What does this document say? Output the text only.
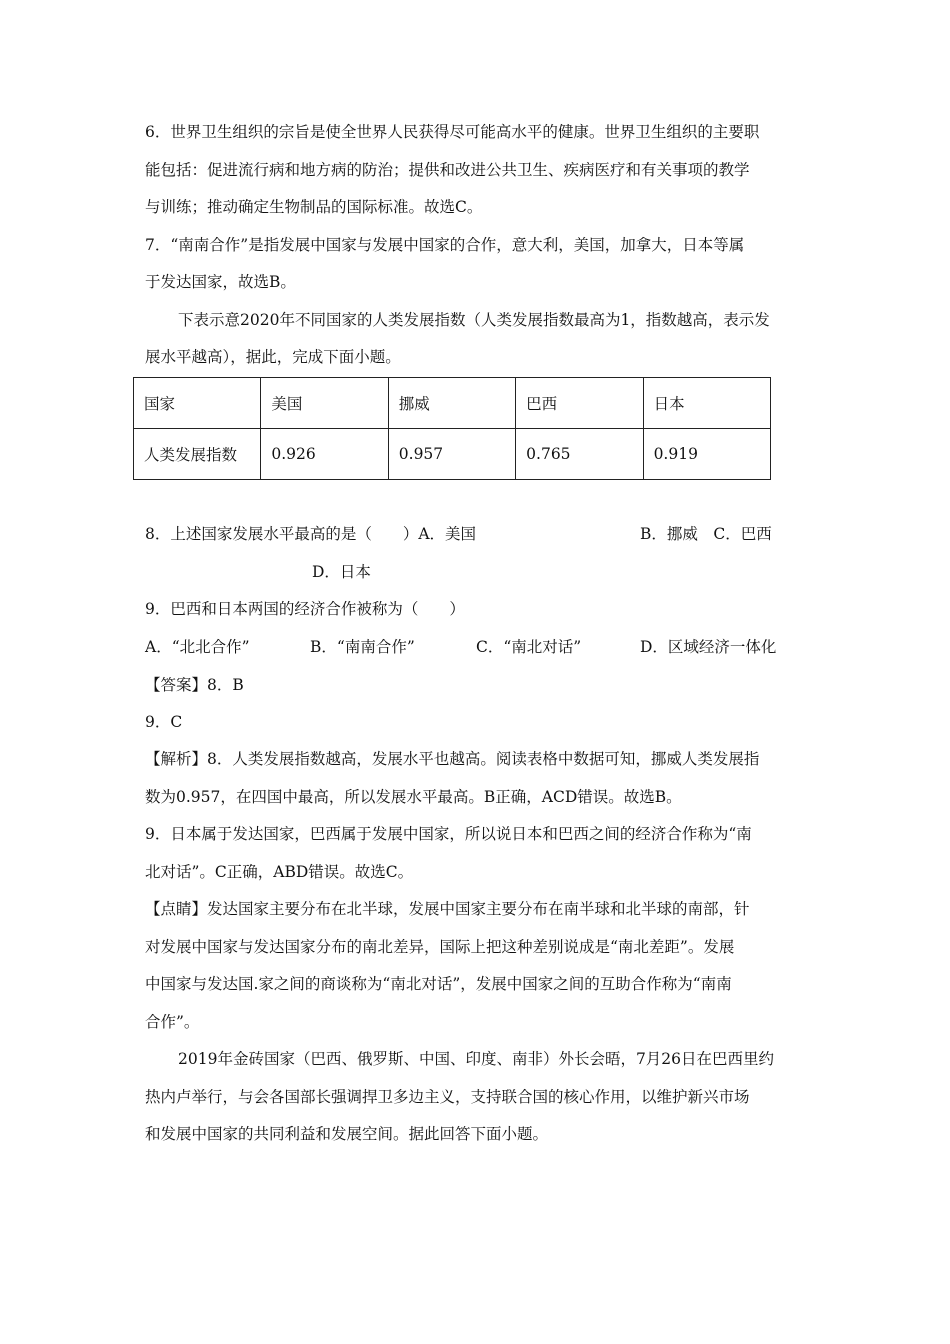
6．世界卫生组织的宗旨是使全世界人民获得尽可能高水平的健康。世界卫生组织的主要职
能包括：促进流行病和地方病的防治；提供和改进公共卫生、疾病医疗和有关事项的教学
与训练；推动确定生物制品的国际标准。故选C。
7．“南南合作”是指发展中国家与发展中国家的合作，意大利，美国，加拿大，日本等属
于发达国家，故选B。
下表示意2020年不同国家的人类发展指数（人类发展指数最高为1，指数越高，表示发
展水平越高），据此，完成下面小题。
国家	美国	挪威	巴西	日本
人类发展指数	0.926	0.957	0.765	0.919
8．上述国家发展水平最高的是（　　）A．美国	B．挪威　C．巴西
D．日本
9．巴西和日本两国的经济合作被称为（　　）
A．“北北合作”	B．“南南合作”	C．“南北对话”	D．区域经济一体化
【答案】8．B
9．C
【解析】8．人类发展指数越高，发展水平也越高。阅读表格中数据可知，挪威人类发展指
数为0.957，在四国中最高，所以发展水平最高。B正确，ACD错误。故选B。
9．日本属于发达国家，巴西属于发展中国家，所以说日本和巴西之间的经济合作称为“南
北对话”。C正确，ABD错误。故选C。
【点睛】发达国家主要分布在北半球，发展中国家主要分布在南半球和北半球的南部，针
对发展中国家与发达国家分布的南北差异，国际上把这种差别说成是“南北差距”。发展
中国家与发达国.家之间的商谈称为“南北对话”，发展中国家之间的互助合作称为“南南
合作”。
2019年金砖国家（巴西、俄罗斯、中国、印度、南非）外长会晤，7月26日在巴西里约
热内卢举行，与会各国部长强调捍卫多边主义，支持联合国的核心作用，以维护新兴市场
和发展中国家的共同利益和发展空间。据此回答下面小题。
